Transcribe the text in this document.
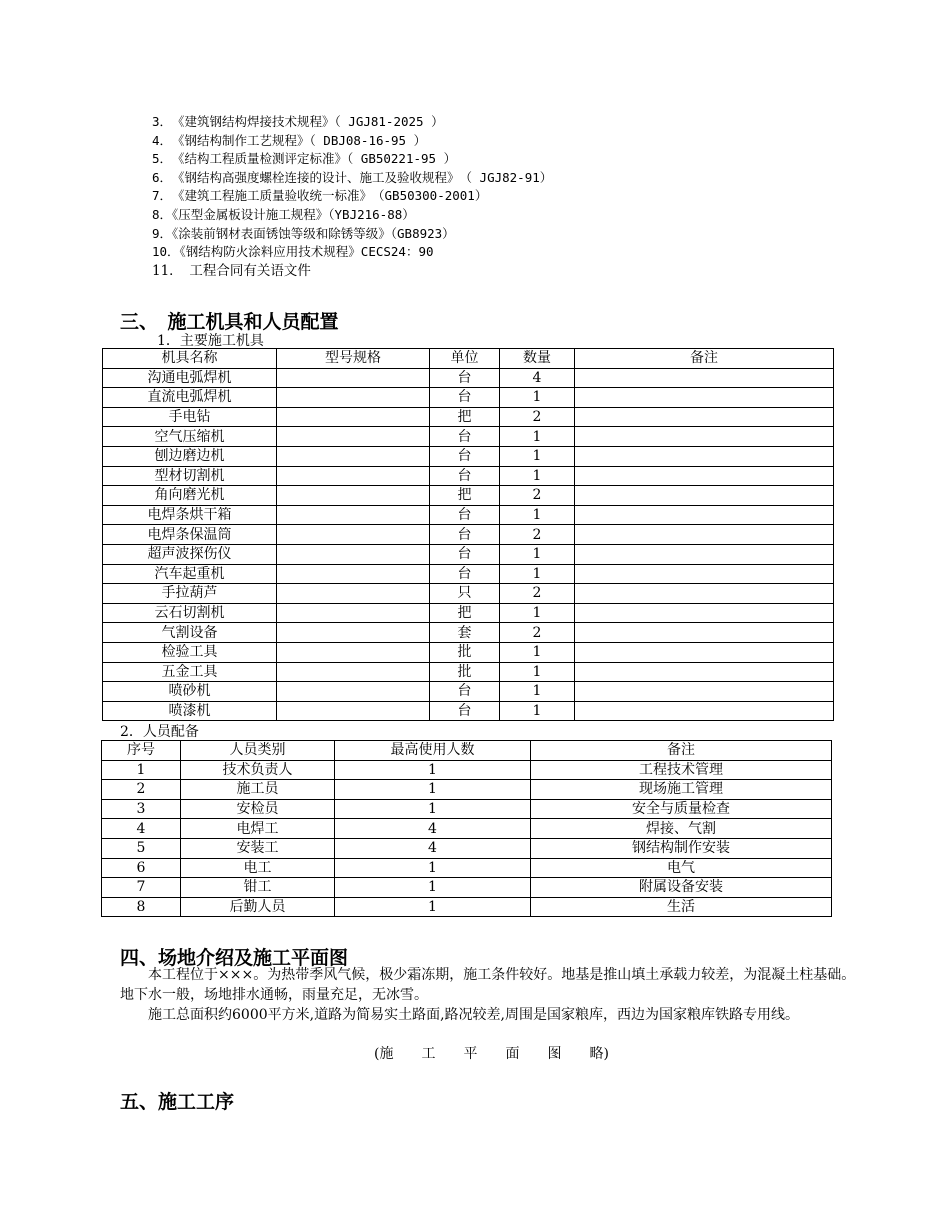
3．　《建筑钢结构焊接技术规程》（ JGJ81-2025 ）
4．　《钢结构制作工艺规程》（ DBJ08-16-95 ）
5．　《结构工程质量检测评定标准》（ GB50221-95 ）
6．　《钢结构高强度螺栓连接的设计、施工及验收规程》　（ JGJ82-91）
7．　《建筑工程施工质量验收统一标准》　（GB50300-2001）
8．《压型金属板设计施工规程》（YBJ216-88）
9．《涂装前钢材表面锈蚀等级和除锈等级》（GB8923）
10．《钢结构防火涂料应用技术规程》CECS24：90
11．　工程合同有关语文件
三、　施工机具和人员配置
1．主要施工机具
机具名称	型号规格	单位	数量	备注
沟通电弧焊机		台	4	
直流电弧焊机		台	1	
手电钻		把	2	
空气压缩机		台	1	
刨边磨边机		台	1	
型材切割机		台	1	
角向磨光机		把	2	
电焊条烘干箱		台	1	
电焊条保温筒		台	2	
超声波探伤仪		台	1	
汽车起重机		台	1	
手拉葫芦		只	2	
云石切割机		把	1	
气割设备		套	2	
检验工具		批	1	
五金工具		批	1	
喷砂机		台	1	
喷漆机		台	1	
2．人员配备
序号	人员类别	最高使用人数	备注
1	技术负责人	1	工程技术管理
2	施工员	1	现场施工管理
3	安检员	1	安全与质量检查
4	电焊工	4	焊接、气割
5	安装工	4	钢结构制作安装
6	电工	1	电气
7	钳工	1	附属设备安装
8	后勤人员	1	生活
四、场地介绍及施工平面图
本工程位于×××。为热带季风气候，极少霜冻期，施工条件较好。地基是推山填土承载力较差，为混凝土柱基础。地下水一般，场地排水通畅，雨量充足，无冰雪。
施工总面积约6000平方米,道路为简易实土路面,路况较差,周围是国家粮库，西边为国家粮库铁路专用线。
(施　　工　　平　　面　　图　　略)
五、施工工序
